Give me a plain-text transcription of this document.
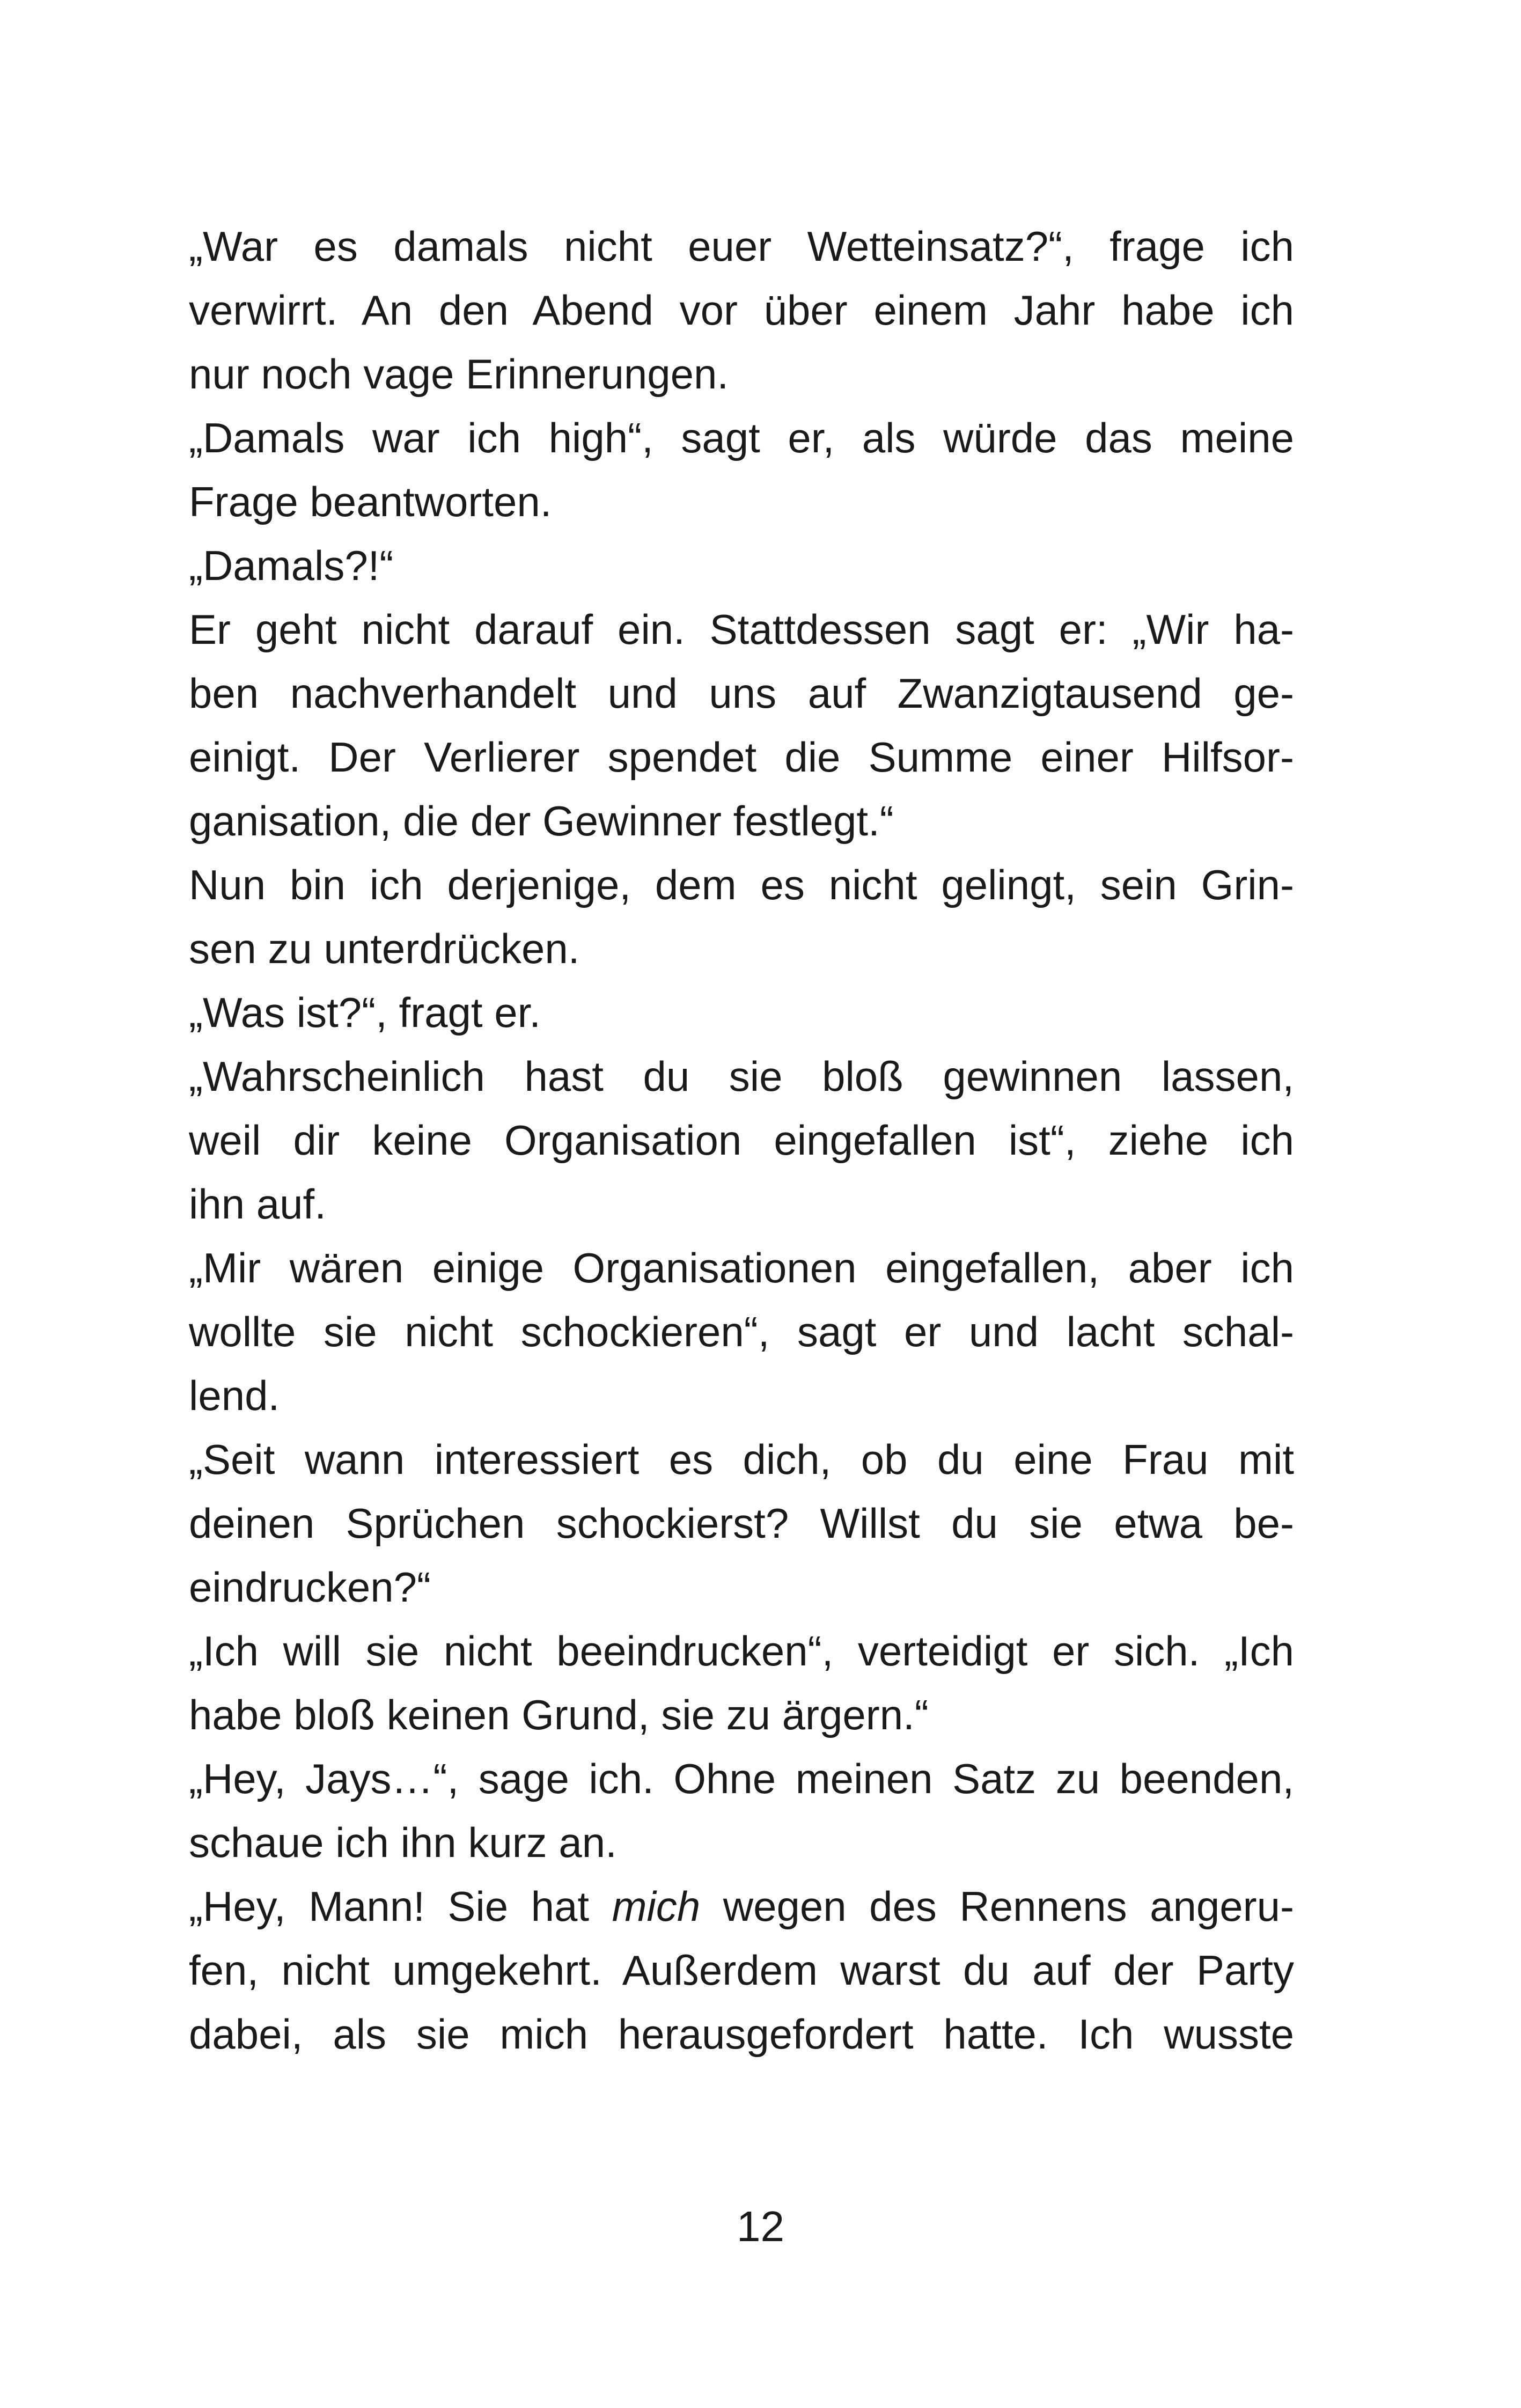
„War es damals nicht euer Wetteinsatz?“, frage ich
verwirrt. An den Abend vor über einem Jahr habe ich
nur noch vage Erinnerungen.
„Damals war ich high“, sagt er, als würde das meine
Frage beantworten.
„Damals?!“
Er geht nicht darauf ein. Stattdessen sagt er: „Wir ha-
ben nachverhandelt und uns auf Zwanzigtausend ge-
einigt. Der Verlierer spendet die Summe einer Hilfsor-
ganisation, die der Gewinner festlegt.“
Nun bin ich derjenige, dem es nicht gelingt, sein Grin-
sen zu unterdrücken.
„Was ist?“, fragt er.
„Wahrscheinlich hast du sie bloß gewinnen lassen,
weil dir keine Organisation eingefallen ist“, ziehe ich
ihn auf.
„Mir wären einige Organisationen eingefallen, aber ich
wollte sie nicht schockieren“, sagt er und lacht schal-
lend.
„Seit wann interessiert es dich, ob du eine Frau mit
deinen Sprüchen schockierst? Willst du sie etwa be-
eindrucken?“
„Ich will sie nicht beeindrucken“, verteidigt er sich. „Ich
habe bloß keinen Grund, sie zu ärgern.“
„Hey, Jays…“, sage ich. Ohne meinen Satz zu beenden,
schaue ich ihn kurz an.
„Hey, Mann! Sie hat mich wegen des Rennens angeru-
fen, nicht umgekehrt. Außerdem warst du auf der Party
dabei, als sie mich herausgefordert hatte. Ich wusste
12
